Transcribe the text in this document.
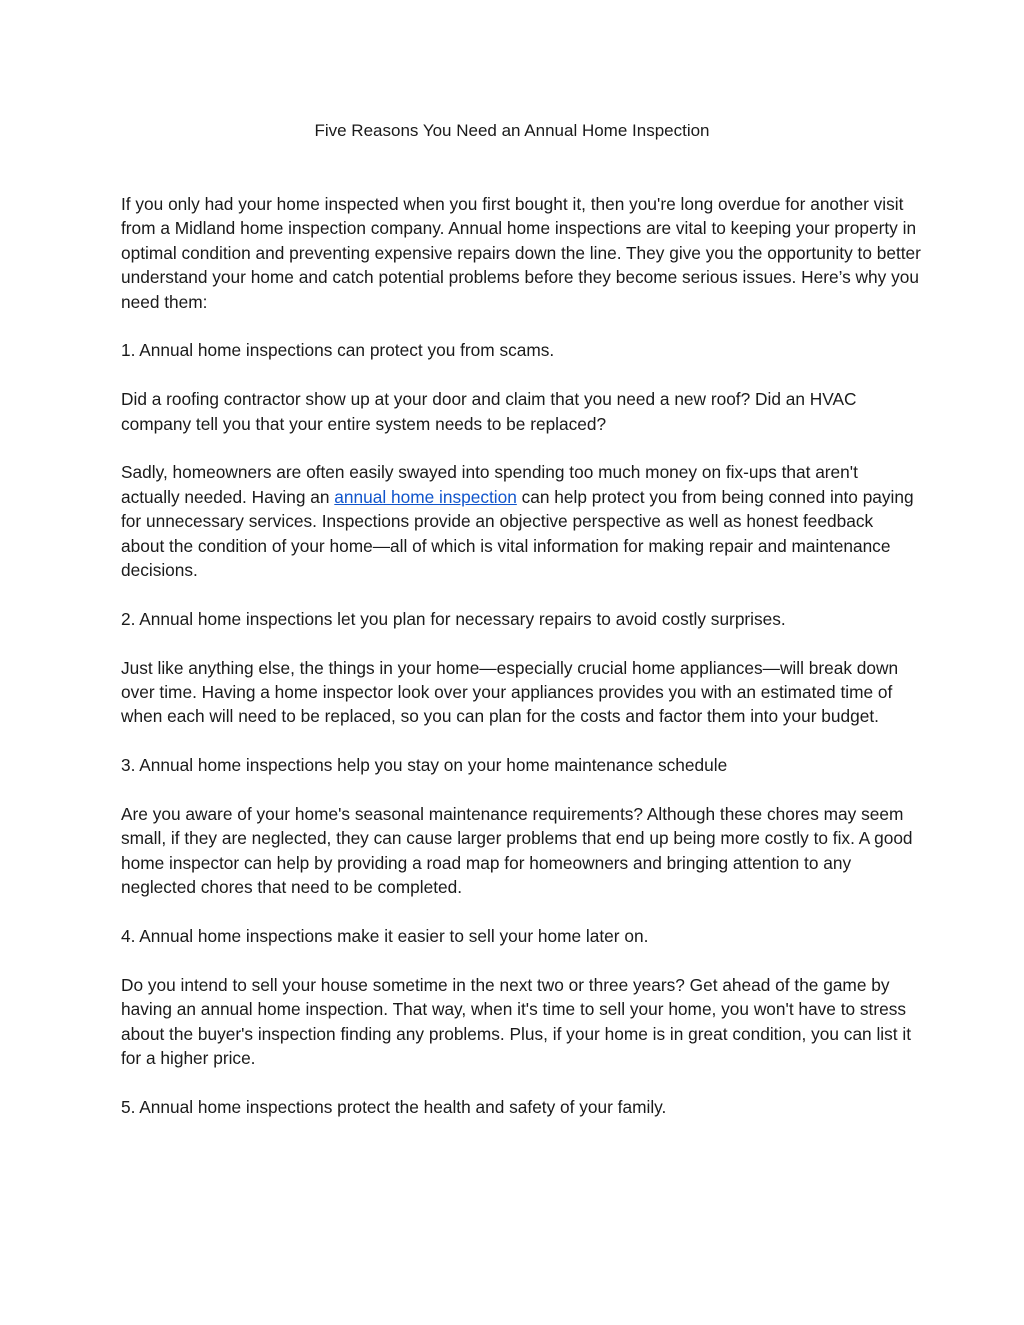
Five Reasons You Need an Annual Home Inspection

If you only had your home inspected when you first bought it, then you're long overdue for another visit from a Midland home inspection company. Annual home inspections are vital to keeping your property in optimal condition and preventing expensive repairs down the line. They give you the opportunity to better understand your home and catch potential problems before they become serious issues. Here’s why you need them:

1. Annual home inspections can protect you from scams.

Did a roofing contractor show up at your door and claim that you need a new roof? Did an HVAC company tell you that your entire system needs to be replaced?

Sadly, homeowners are often easily swayed into spending too much money on fix-ups that aren't actually needed. Having an annual home inspection can help protect you from being conned into paying for unnecessary services. Inspections provide an objective perspective as well as honest feedback about the condition of your home—all of which is vital information for making repair and maintenance decisions.

2. Annual home inspections let you plan for necessary repairs to avoid costly surprises.

Just like anything else, the things in your home—especially crucial home appliances—will break down over time. Having a home inspector look over your appliances provides you with an estimated time of when each will need to be replaced, so you can plan for the costs and factor them into your budget.

3. Annual home inspections help you stay on your home maintenance schedule

Are you aware of your home's seasonal maintenance requirements? Although these chores may seem small, if they are neglected, they can cause larger problems that end up being more costly to fix. A good home inspector can help by providing a road map for homeowners and bringing attention to any neglected chores that need to be completed.

4. Annual home inspections make it easier to sell your home later on.

Do you intend to sell your house sometime in the next two or three years? Get ahead of the game by having an annual home inspection. That way, when it's time to sell your home, you won't have to stress about the buyer's inspection finding any problems. Plus, if your home is in great condition, you can list it for a higher price.

5. Annual home inspections protect the health and safety of your family.
